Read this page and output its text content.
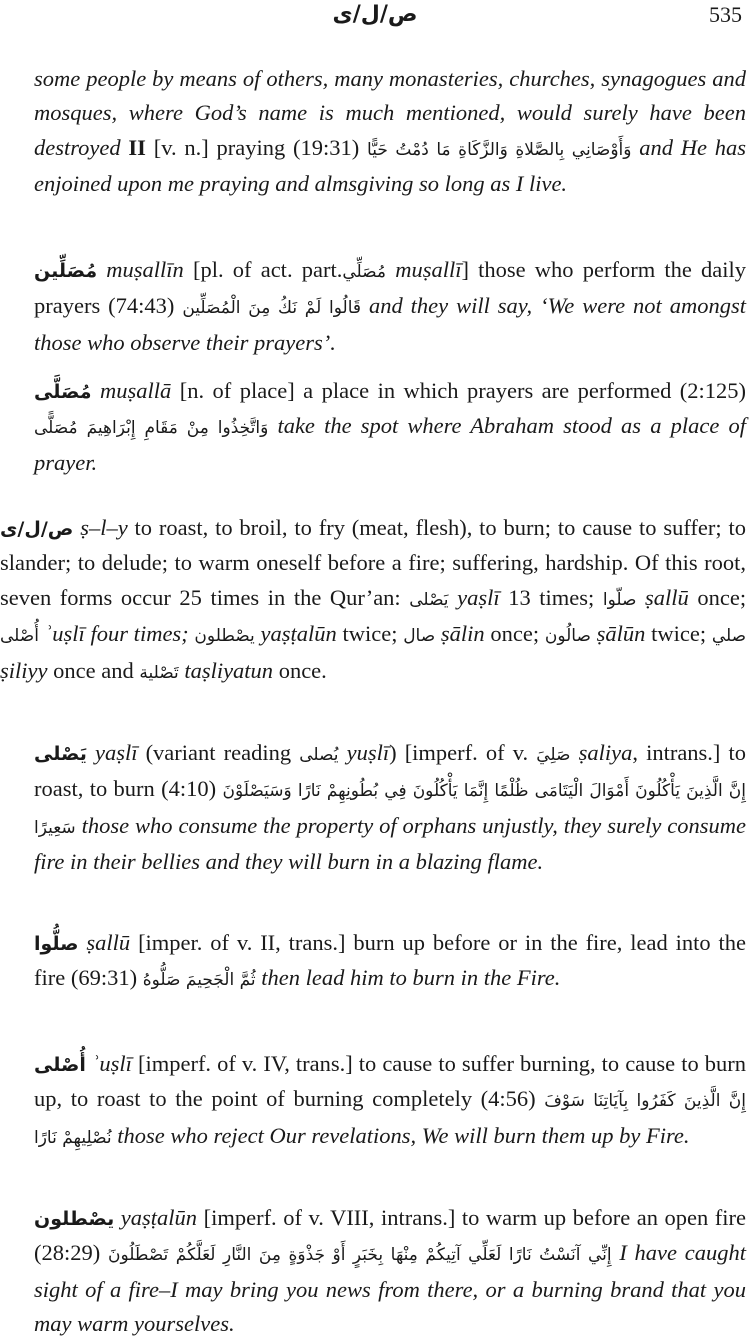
ص/ل/ى	535

some people by means of others, many monasteries, churches, synagogues and mosques, where God’s name is much mentioned, would surely have been destroyed II [v. n.] praying (19:31) وَأَوْصَانِي بِالصَّلاةِ وَالزَّكَاةِ مَا دُمْتُ حَيًّا and He has enjoined upon me praying and almsgiving so long as I live.

مُصَلِّين muṣallīn [pl. of act. part.مُصَلِّي muṣallī] those who perform the daily prayers (74:43) قَالُوا لَمْ نَكُ مِنَ الْمُصَلِّين and they will say, ‘We were not amongst those who observe their prayers’.

مُصَلَّى muṣallā [n. of place] a place in which prayers are performed (2:125) وَاتَّخِذُوا مِنْ مَقَامِ إِبْرَاهِيمَ مُصَلًّى take the spot where Abraham stood as a place of prayer.

ص/ل/ى ṣ–l–y to roast, to broil, to fry (meat, flesh), to burn; to cause to suffer; to slander; to delude; to warm oneself before a fire; suffering, hardship. Of this root, seven forms occur 25 times in the Qur’an: يَصْلى yaṣlī 13 times; صلّوا ṣallū once; أُصْلى ʾuṣlī four times; يصْطلون yaṣṭalūn twice; صال ṣālin once; صالُون ṣālūn twice; صلي ṣiliyy once and تَصْلية taṣliyatun once.

يَصْلى yaṣlī (variant reading يُصلى yuṣlī) [imperf. of v. صَلِيَ ṣaliya, intrans.] to roast, to burn (4:10) إِنَّ الَّذِينَ يَأْكُلُونَ أَمْوَالَ الْيَتَامَى ظُلْمًا إِنَّمَا يَأْكُلُونَ فِي بُطُونِهِمْ نَارًا وَسَيَصْلَوْنَ سَعِيرًا those who consume the property of orphans unjustly, they surely consume fire in their bellies and they will burn in a blazing flame.

صلُّوا ṣallū [imper. of v. II, trans.] burn up before or in the fire, lead into the fire (69:31) ثُمَّ الْجَحِيمَ صَلُّوهُ then lead him to burn in the Fire.

أُصْلى ʾuṣlī [imperf. of v. IV, trans.] to cause to suffer burning, to cause to burn up, to roast to the point of burning completely (4:56) إِنَّ الَّذِينَ كَفَرُوا بِآيَاتِنَا سَوْفَ نُصْلِيهِمْ نَارًا those who reject Our revelations, We will burn them up by Fire.

يصْطلون yaṣṭalūn [imperf. of v. VIII, intrans.] to warm up before an open fire (28:29) إِنِّي آنَسْتُ نَارًا لَعَلِّي آتِيكُمْ مِنْهَا بِخَبَرٍ أَوْ جَذْوَةٍ مِنَ النَّارِ لَعَلَّكُمْ تَصْطَلُونَ I have caught sight of a fire–I may bring you news from there, or a burning brand that you may warm yourselves.
